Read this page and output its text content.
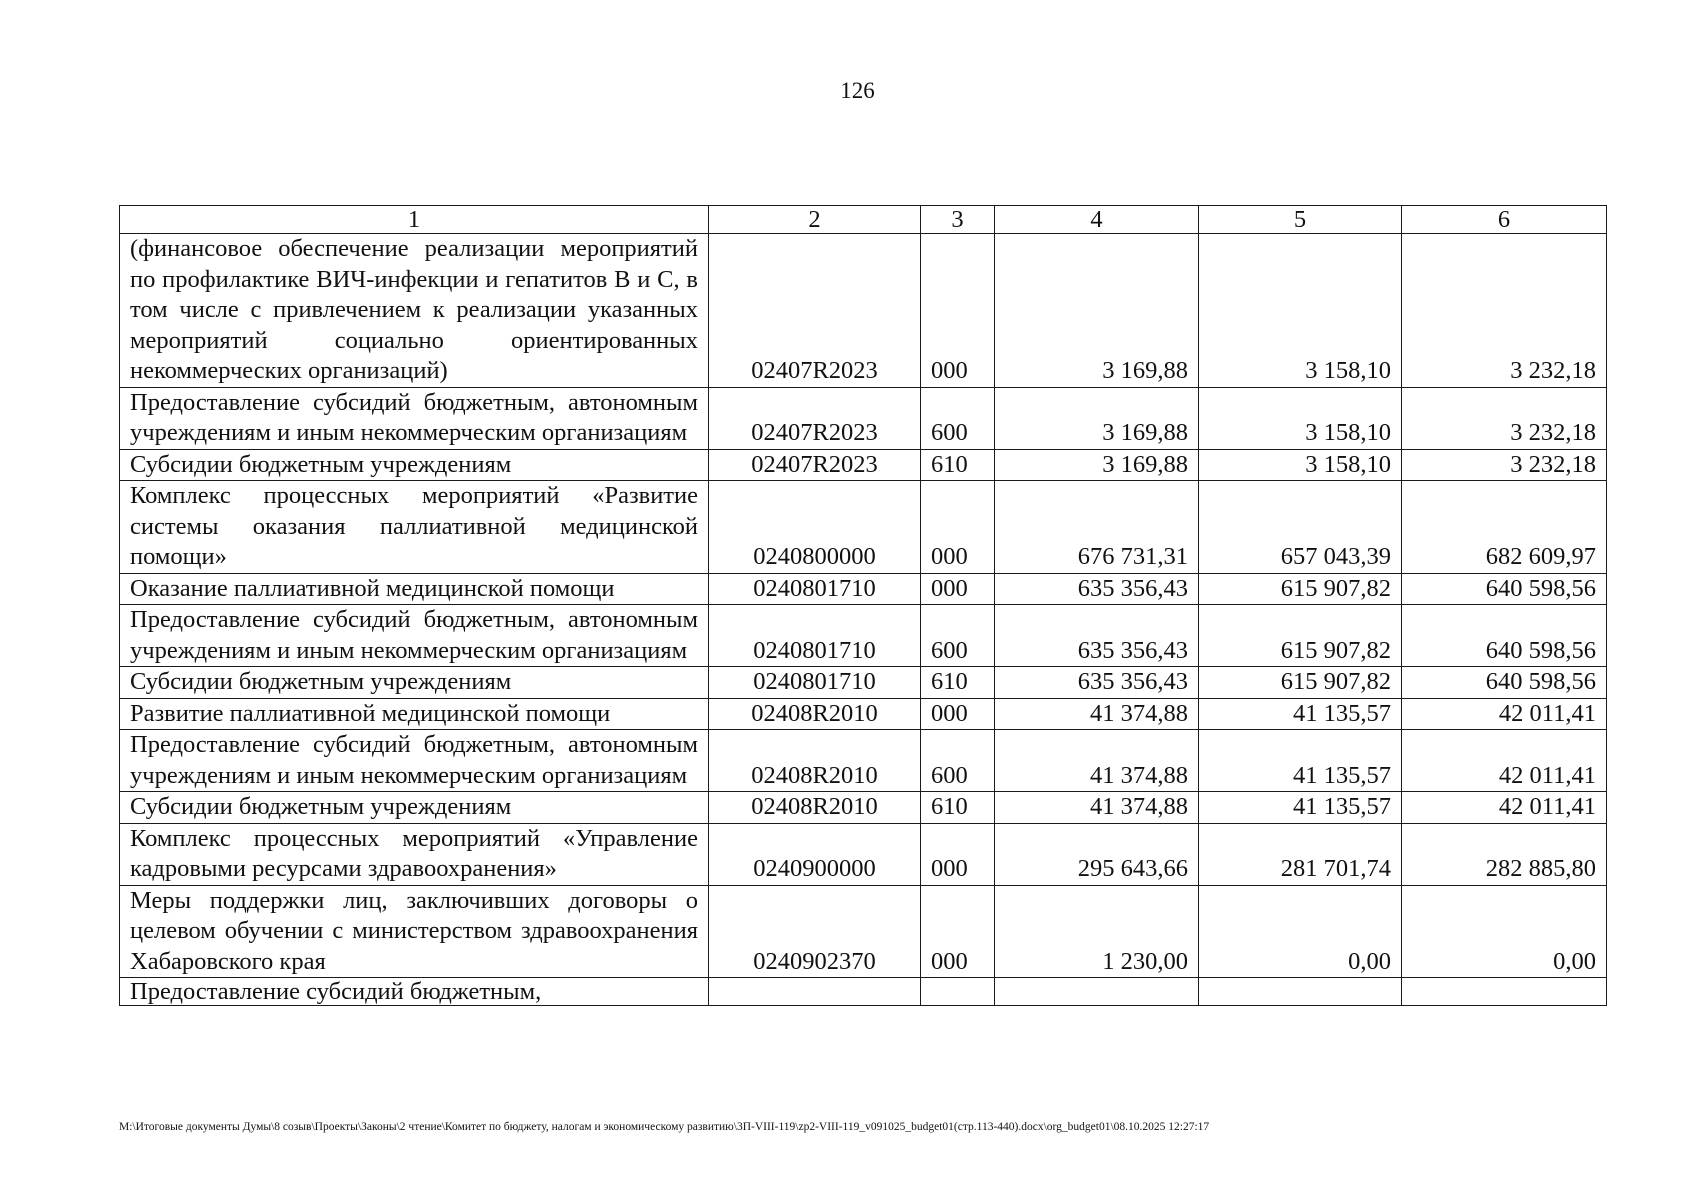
126
1	2	3	4	5	6
(финансовое обеспечение реализации мероприятий по профилактике ВИЧ-инфекции и гепатитов В и С, в том числе с привлечением к реализации указанных мероприятий социально ориентированных некоммерческих организаций)	02407R2023	000	3 169,88	3 158,10	3 232,18
Предоставление субсидий бюджетным, автономным учреждениям и иным некоммерческим организациям	02407R2023	600	3 169,88	3 158,10	3 232,18
Субсидии бюджетным учреждениям	02407R2023	610	3 169,88	3 158,10	3 232,18
Комплекс процессных мероприятий «Развитие системы оказания паллиативной медицинской помощи»	0240800000	000	676 731,31	657 043,39	682 609,97
Оказание паллиативной медицинской помощи	0240801710	000	635 356,43	615 907,82	640 598,56
Предоставление субсидий бюджетным, автономным учреждениям и иным некоммерческим организациям	0240801710	600	635 356,43	615 907,82	640 598,56
Субсидии бюджетным учреждениям	0240801710	610	635 356,43	615 907,82	640 598,56
Развитие паллиативной медицинской помощи	02408R2010	000	41 374,88	41 135,57	42 011,41
Предоставление субсидий бюджетным, автономным учреждениям и иным некоммерческим организациям	02408R2010	600	41 374,88	41 135,57	42 011,41
Субсидии бюджетным учреждениям	02408R2010	610	41 374,88	41 135,57	42 011,41
Комплекс процессных мероприятий «Управление кадровыми ресурсами здравоохранения»	0240900000	000	295 643,66	281 701,74	282 885,80
Меры поддержки лиц, заключивших договоры о целевом обучении с министерством здравоохранения Хабаровского края	0240902370	000	1 230,00	0,00	0,00
Предоставление субсидий бюджетным,					
M:\Итоговые документы Думы\8 созыв\Проекты\Законы\2 чтение\Комитет по бюджету, налогам и экономическому развитию\3П-VIII-119\zp2-VIII-119_v091025_budget01(стр.113-440).docx\org_budget01\08.10.2025 12:27:17
